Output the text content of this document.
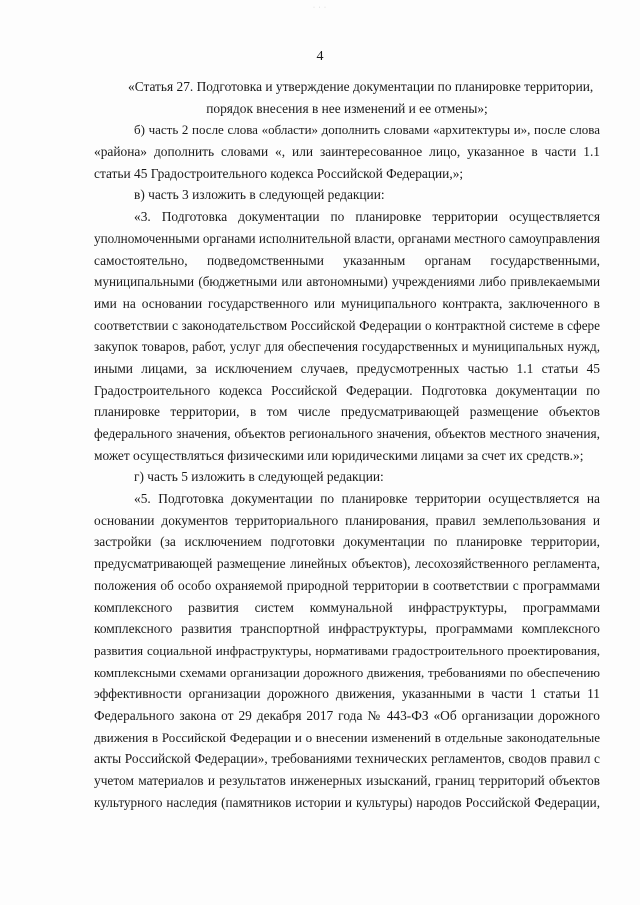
· · ·
4
«Статья 27. Подготовка и утверждение документации по планировке территории,
порядок внесения в нее изменений и ее отмены»;
б) часть 2 после слова «области» дополнить словами «архитектуры и», после слова
«района» дополнить словами «, или заинтересованное лицо, указанное в части 1.1
статьи 45 Градостроительного кодекса Российской Федерации,»;
в) часть 3 изложить в следующей редакции:
«3. Подготовка документации по планировке территории осуществляется
уполномоченными органами исполнительной власти, органами местного самоуправления
самостоятельно, подведомственными указанным органам государственными,
муниципальными (бюджетными или автономными) учреждениями либо привлекаемыми
ими на основании государственного или муниципального контракта, заключенного в
соответствии с законодательством Российской Федерации о контрактной системе в сфере
закупок товаров, работ, услуг для обеспечения государственных и муниципальных нужд,
иными лицами, за исключением случаев, предусмотренных частью 1.1 статьи 45
Градостроительного кодекса Российской Федерации. Подготовка документации по
планировке территории, в том числе предусматривающей размещение объектов
федерального значения, объектов регионального значения, объектов местного значения,
может осуществляться физическими или юридическими лицами за счет их средств.»;
г) часть 5 изложить в следующей редакции:
«5. Подготовка документации по планировке территории осуществляется на
основании документов территориального планирования, правил землепользования и
застройки (за исключением подготовки документации по планировке территории,
предусматривающей размещение линейных объектов), лесохозяйственного регламента,
положения об особо охраняемой природной территории в соответствии с программами
комплексного развития систем коммунальной инфраструктуры, программами
комплексного развития транспортной инфраструктуры, программами комплексного
развития социальной инфраструктуры, нормативами градостроительного проектирования,
комплексными схемами организации дорожного движения, требованиями по обеспечению
эффективности организации дорожного движения, указанными в части 1 статьи 11
Федерального закона от 29 декабря 2017 года № 443-ФЗ «Об организации дорожного
движения в Российской Федерации и о внесении изменений в отдельные законодательные
акты Российской Федерации», требованиями технических регламентов, сводов правил с
учетом материалов и результатов инженерных изысканий, границ территорий объектов
культурного наследия (памятников истории и культуры) народов Российской Федерации,
